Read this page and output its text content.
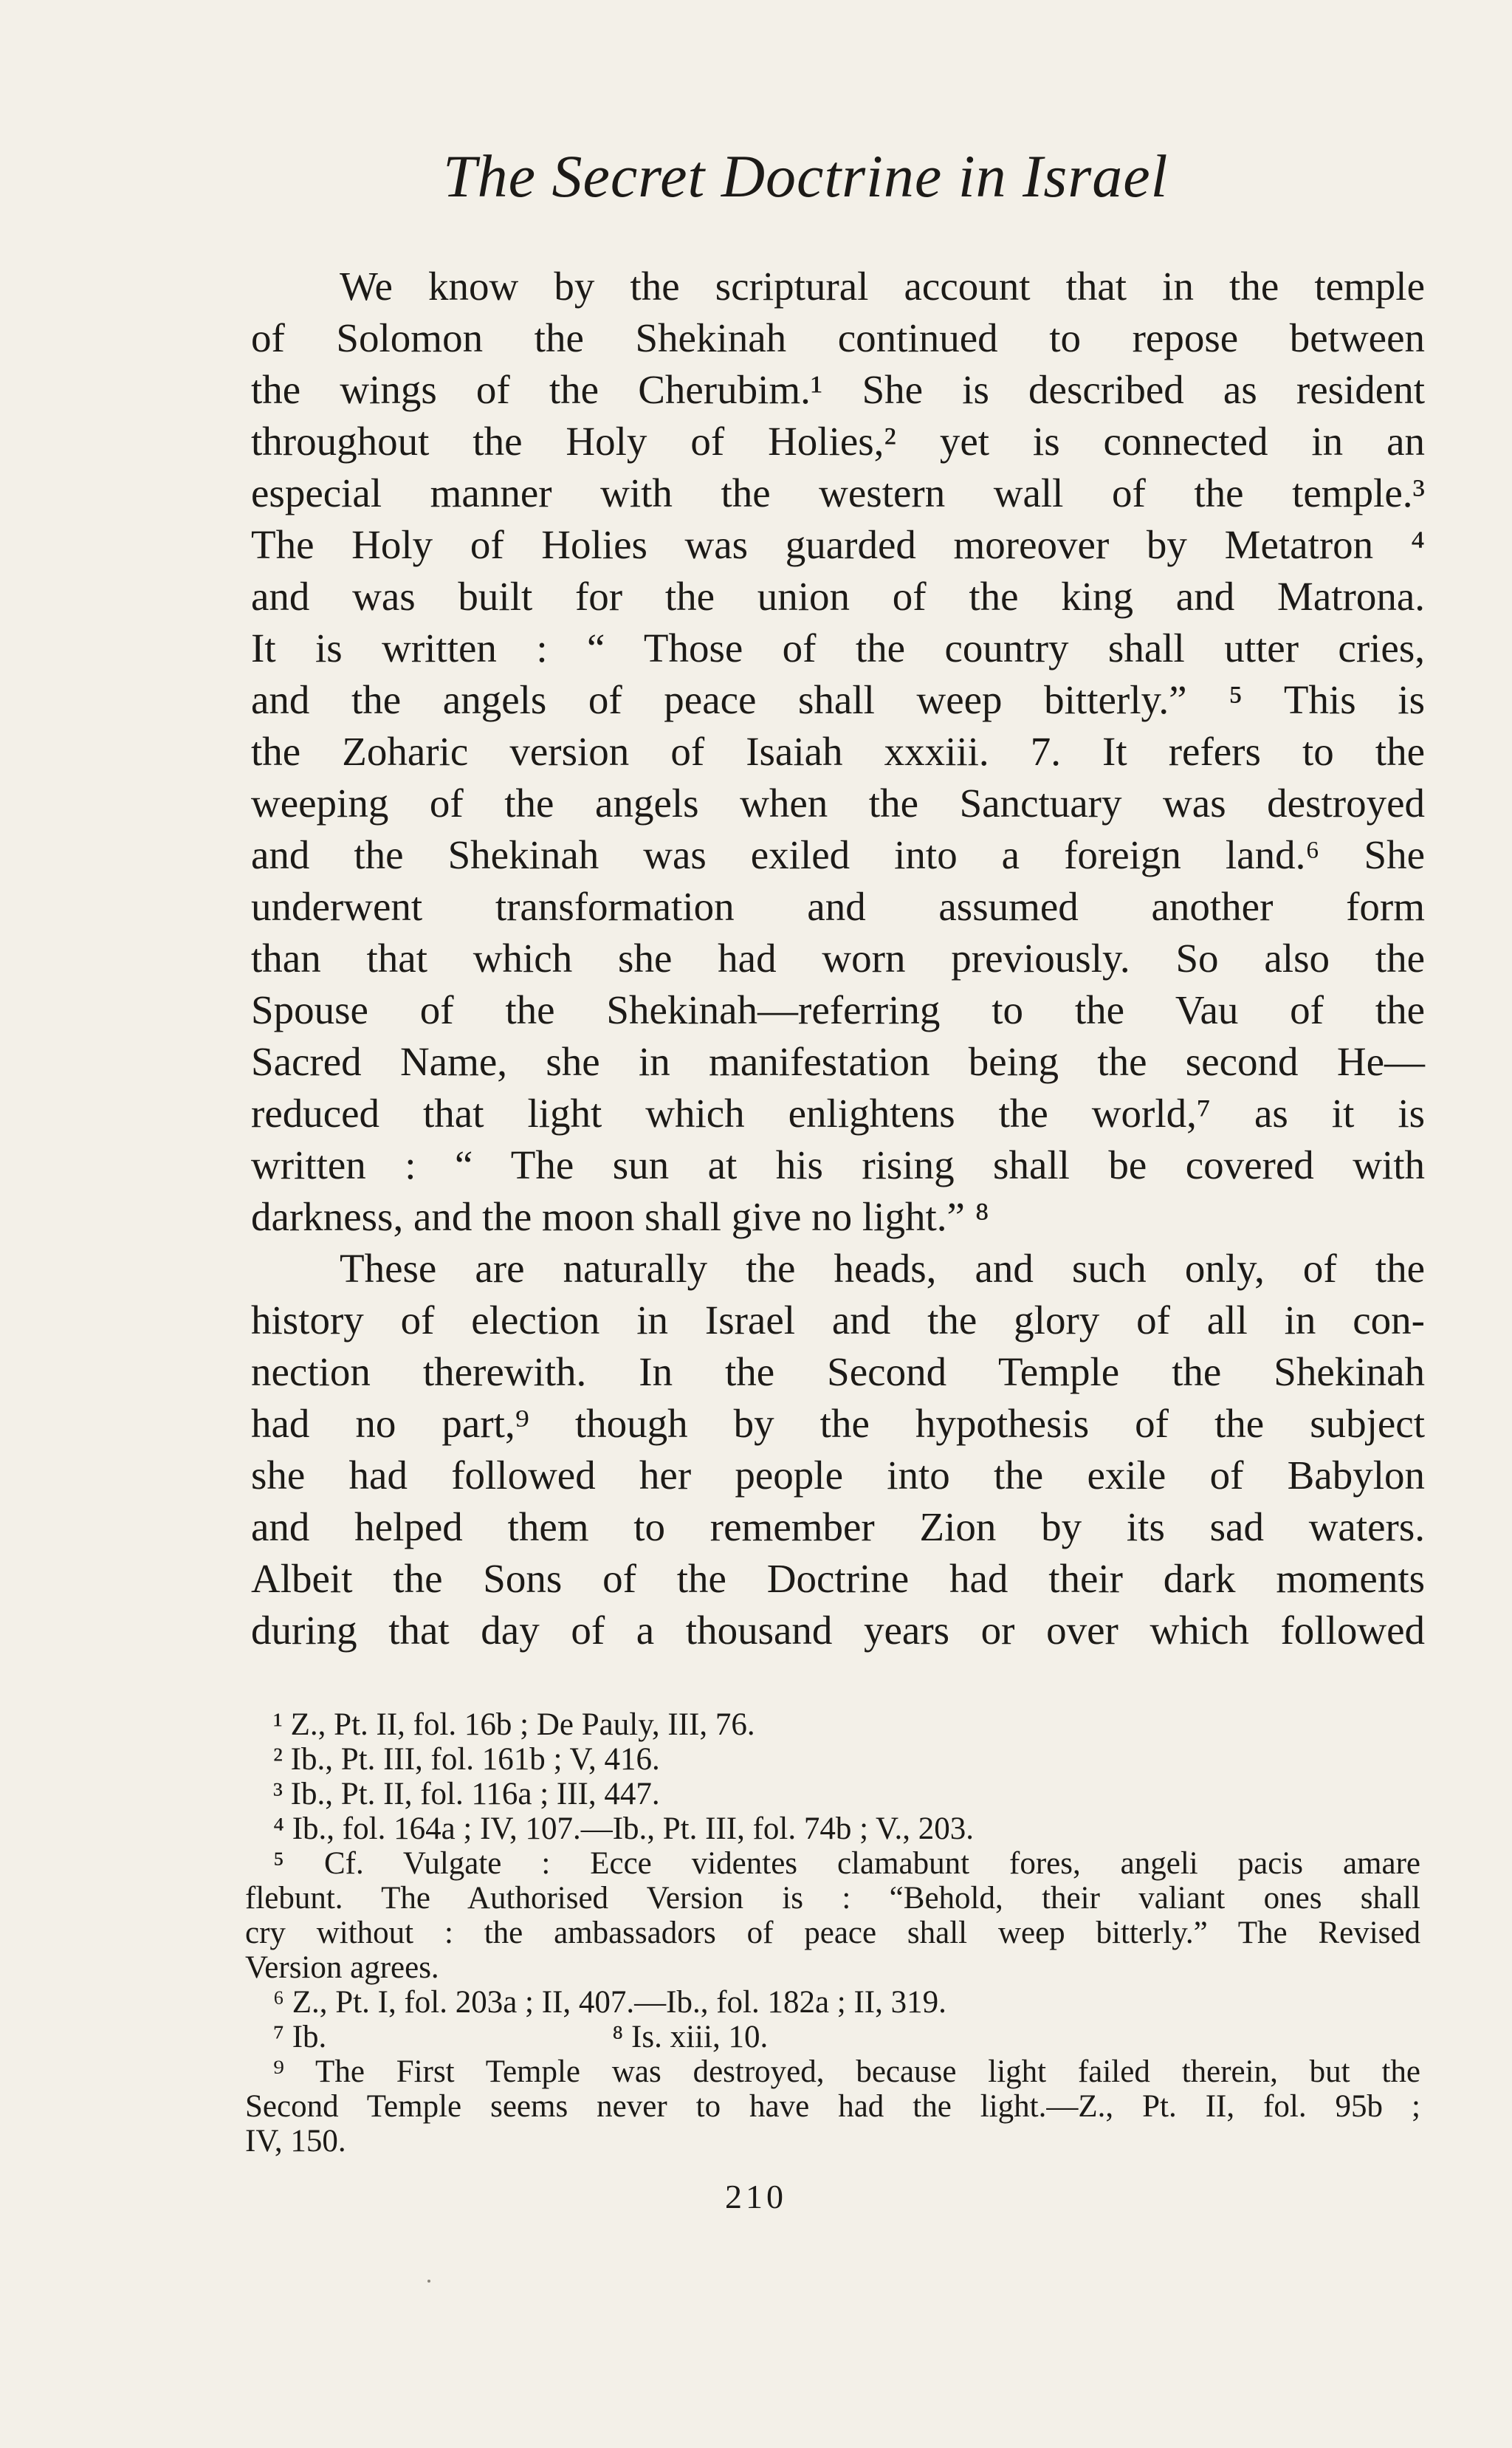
The Secret Doctrine in Israel
We know by the scriptural account that in the temple
of Solomon the Shekinah continued to repose between
the wings of the Cherubim.¹ She is described as resident
throughout the Holy of Holies,² yet is connected in an
especial manner with the western wall of the temple.³
The Holy of Holies was guarded moreover by Metatron ⁴
and was built for the union of the king and Matrona.
It is written : “ Those of the country shall utter cries,
and the angels of peace shall weep bitterly.” ⁵ This is
the Zoharic version of Isaiah xxxiii. 7. It refers to the
weeping of the angels when the Sanctuary was destroyed
and the Shekinah was exiled into a foreign land.⁶ She
underwent transformation and assumed another form
than that which she had worn previously. So also the
Spouse of the Shekinah—referring to the Vau of the
Sacred Name, she in manifestation being the second He—
reduced that light which enlightens the world,⁷ as it is
written : “ The sun at his rising shall be covered with
darkness, and the moon shall give no light.” ⁸
These are naturally the heads, and such only, of the
history of election in Israel and the glory of all in con-
nection therewith. In the Second Temple the Shekinah
had no part,⁹ though by the hypothesis of the subject
she had followed her people into the exile of Babylon
and helped them to remember Zion by its sad waters.
Albeit the Sons of the Doctrine had their dark moments
during that day of a thousand years or over which followed
¹ Z., Pt. II, fol. 16b ; De Pauly, III, 76.
² Ib., Pt. III, fol. 161b ; V, 416.
³ Ib., Pt. II, fol. 116a ; III, 447.
⁴ Ib., fol. 164a ; IV, 107.—Ib., Pt. III, fol. 74b ; V., 203.
⁵ Cf. Vulgate : Ecce videntes clamabunt fores, angeli pacis amare
flebunt. The Authorised Version is : “Behold, their valiant ones shall
cry without : the ambassadors of peace shall weep bitterly.” The Revised
Version agrees.
⁶ Z., Pt. I, fol. 203a ; II, 407.—Ib., fol. 182a ; II, 319.
⁷ Ib.                                    ⁸ Is. xiii, 10.
⁹ The First Temple was destroyed, because light failed therein, but the
Second Temple seems never to have had the light.—Z., Pt. II, fol. 95b ;
IV, 150.
210
